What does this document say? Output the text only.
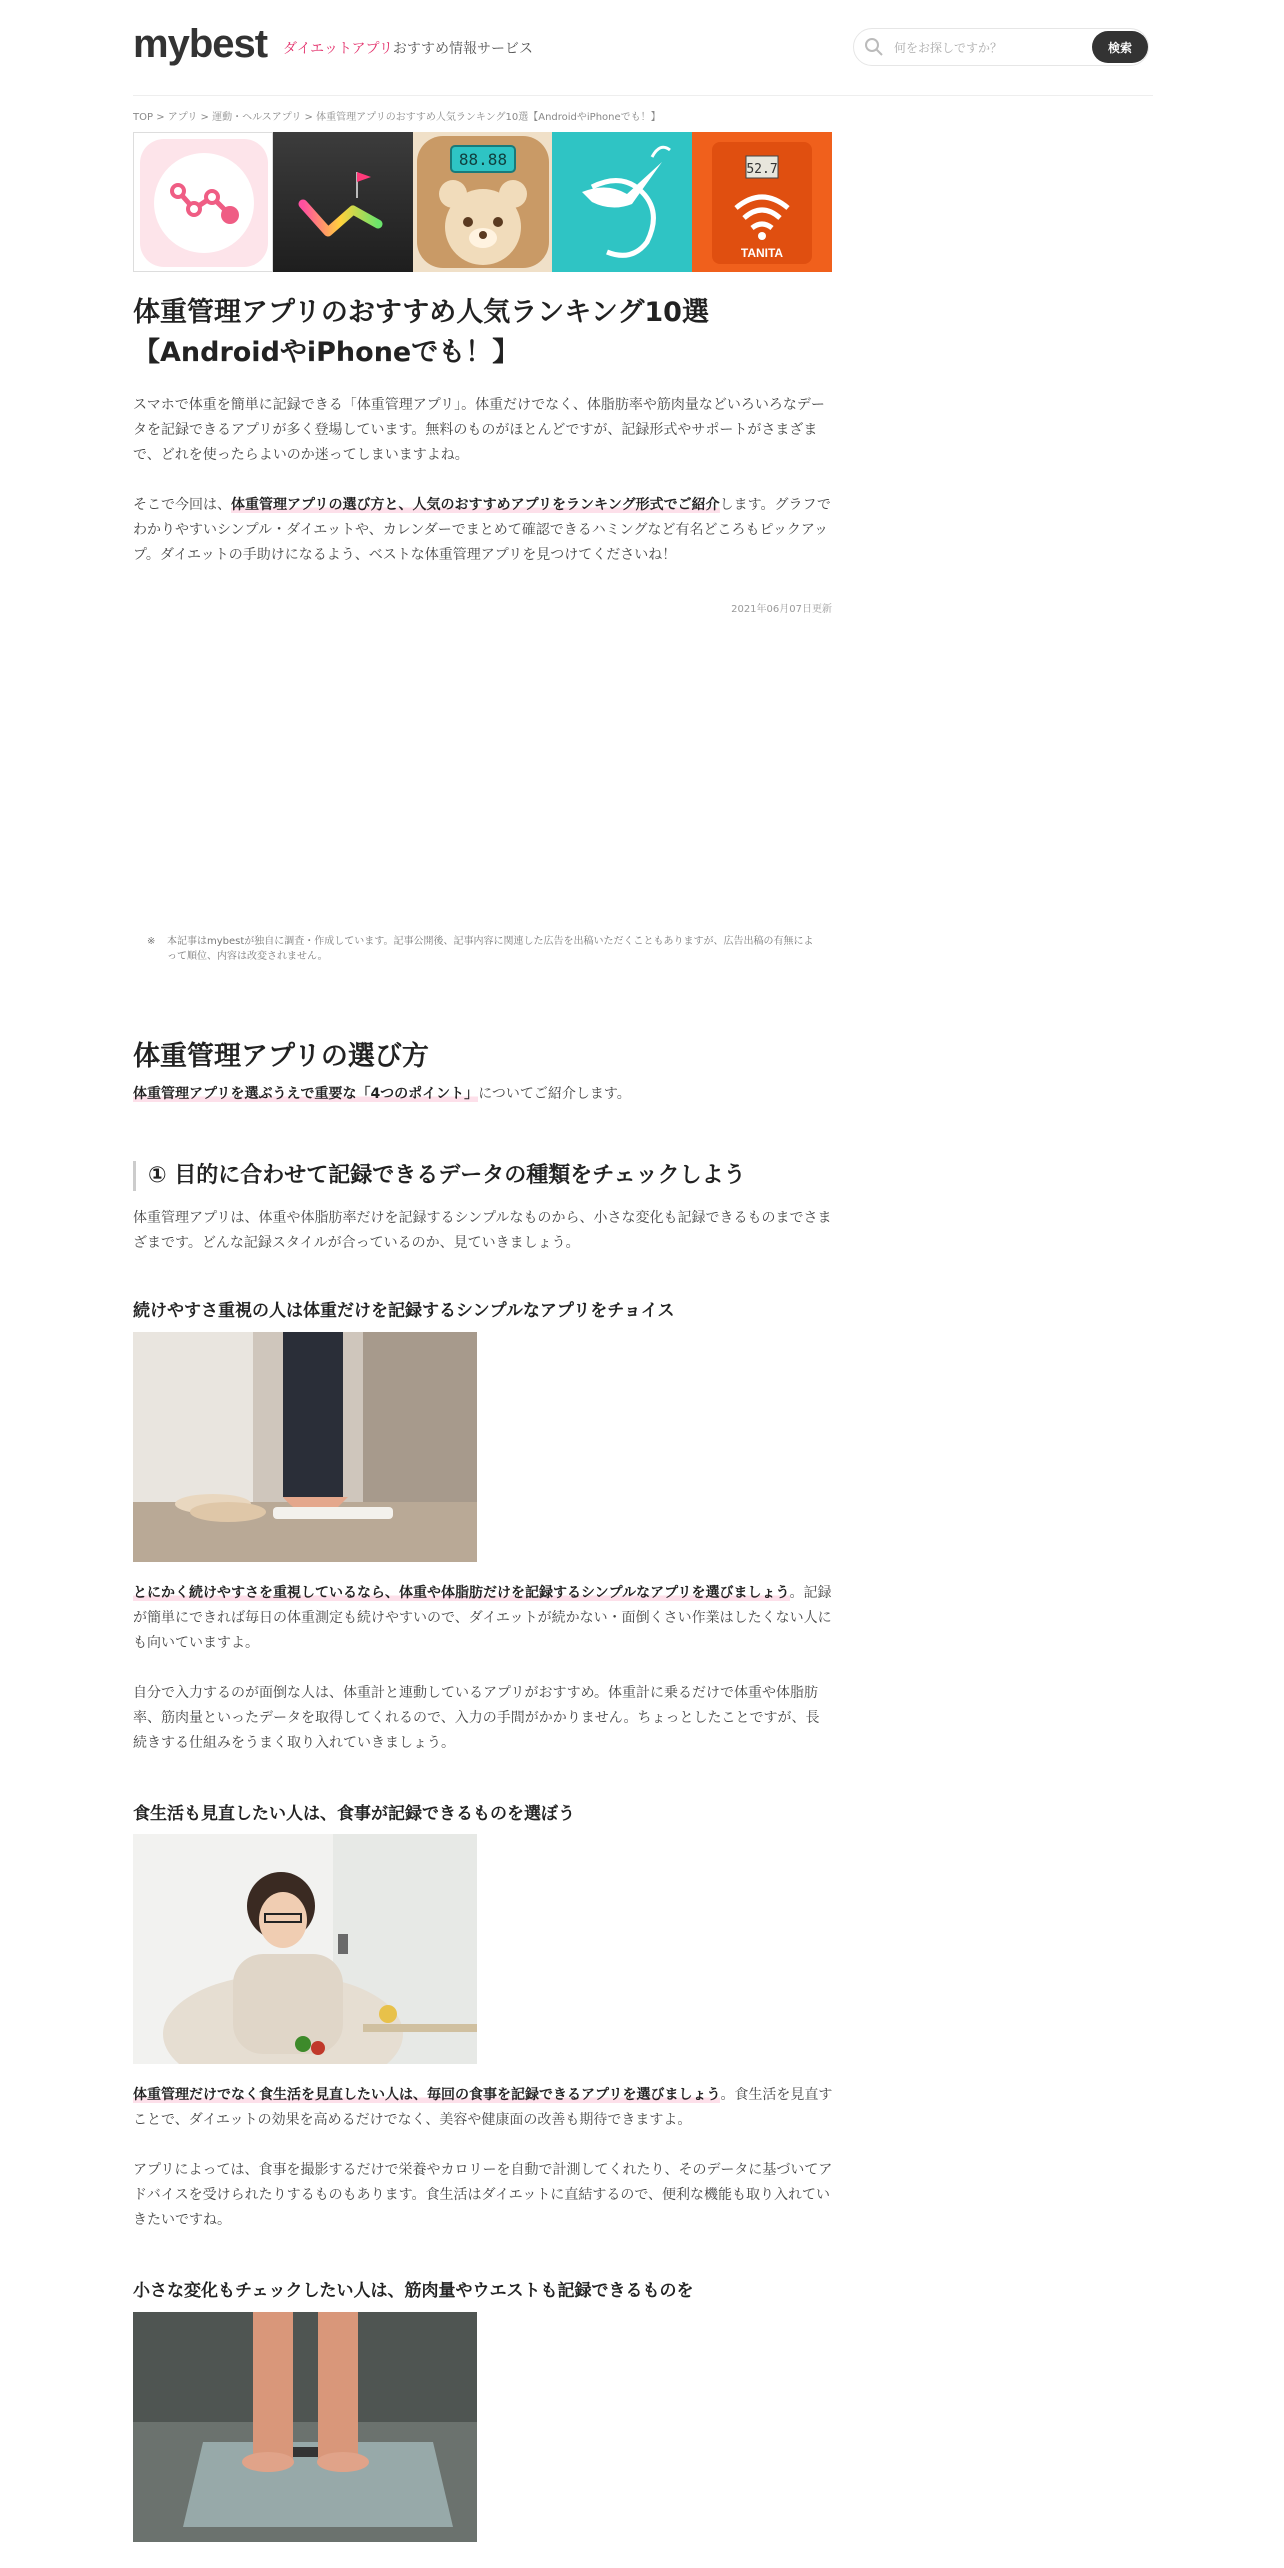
mybest ダイエットアプリおすすめ情報サービス
何をお探しですか？	検索
TOP > アプリ > 運動・ヘルスアプリ > 体重管理アプリのおすすめ人気ランキング10選【AndroidやiPhoneでも！】
88.88
52.7
TANITA
体重管理アプリのおすすめ人気ランキング10選【AndroidやiPhoneでも！】

スマホで体重を簡単に記録できる「体重管理アプリ」。体重だけでなく、体脂肪率や筋肉量などいろいろなデータを記録できるアプリが多く登場しています。無料のものがほとんどですが、記録形式やサポートがさまざまで、どれを使ったらよいのか迷ってしまいますよね。

そこで今回は、体重管理アプリの選び方と、人気のおすすめアプリをランキング形式でご紹介します。グラフでわかりやすいシンプル・ダイエットや、カレンダーでまとめて確認できるハミングなど有名どころもピックアップ。ダイエットの手助けになるよう、ベストな体重管理アプリを見つけてくださいね！

2021年06月07日更新
※	本記事はmybestが独自に調査・作成しています。記事公開後、記事内容に関連した広告を出稿いただくこともありますが、広告出稿の有無によって順位、内容は改変されません。
体重管理アプリの選び方

体重管理アプリを選ぶうえで重要な「4つのポイント」についてご紹介します。

① 目的に合わせて記録できるデータの種類をチェックしよう

体重管理アプリは、体重や体脂肪率だけを記録するシンプルなものから、小さな変化も記録できるものまでさまざまです。どんな記録スタイルが合っているのか、見ていきましょう。

続けやすさ重視の人は体重だけを記録するシンプルなアプリをチョイス

とにかく続けやすさを重視しているなら、体重や体脂肪だけを記録するシンプルなアプリを選びましょう。記録が簡単にできれば毎日の体重測定も続けやすいので、ダイエットが続かない・面倒くさい作業はしたくない人にも向いていますよ。

自分で入力するのが面倒な人は、体重計と連動しているアプリがおすすめ。体重計に乗るだけで体重や体脂肪率、筋肉量といったデータを取得してくれるので、入力の手間がかかりません。ちょっとしたことですが、長続きする仕組みをうまく取り入れていきましょう。

食生活も見直したい人は、食事が記録できるものを選ぼう

体重管理だけでなく食生活を見直したい人は、毎回の食事を記録できるアプリを選びましょう。食生活を見直すことで、ダイエットの効果を高めるだけでなく、美容や健康面の改善も期待できますよ。

アプリによっては、食事を撮影するだけで栄養やカロリーを自動で計測してくれたり、そのデータに基づいてアドバイスを受けられたりするものもあります。食生活はダイエットに直結するので、便利な機能も取り入れていきたいですね。

小さな変化もチェックしたい人は、筋肉量やウエストも記録できるものを
